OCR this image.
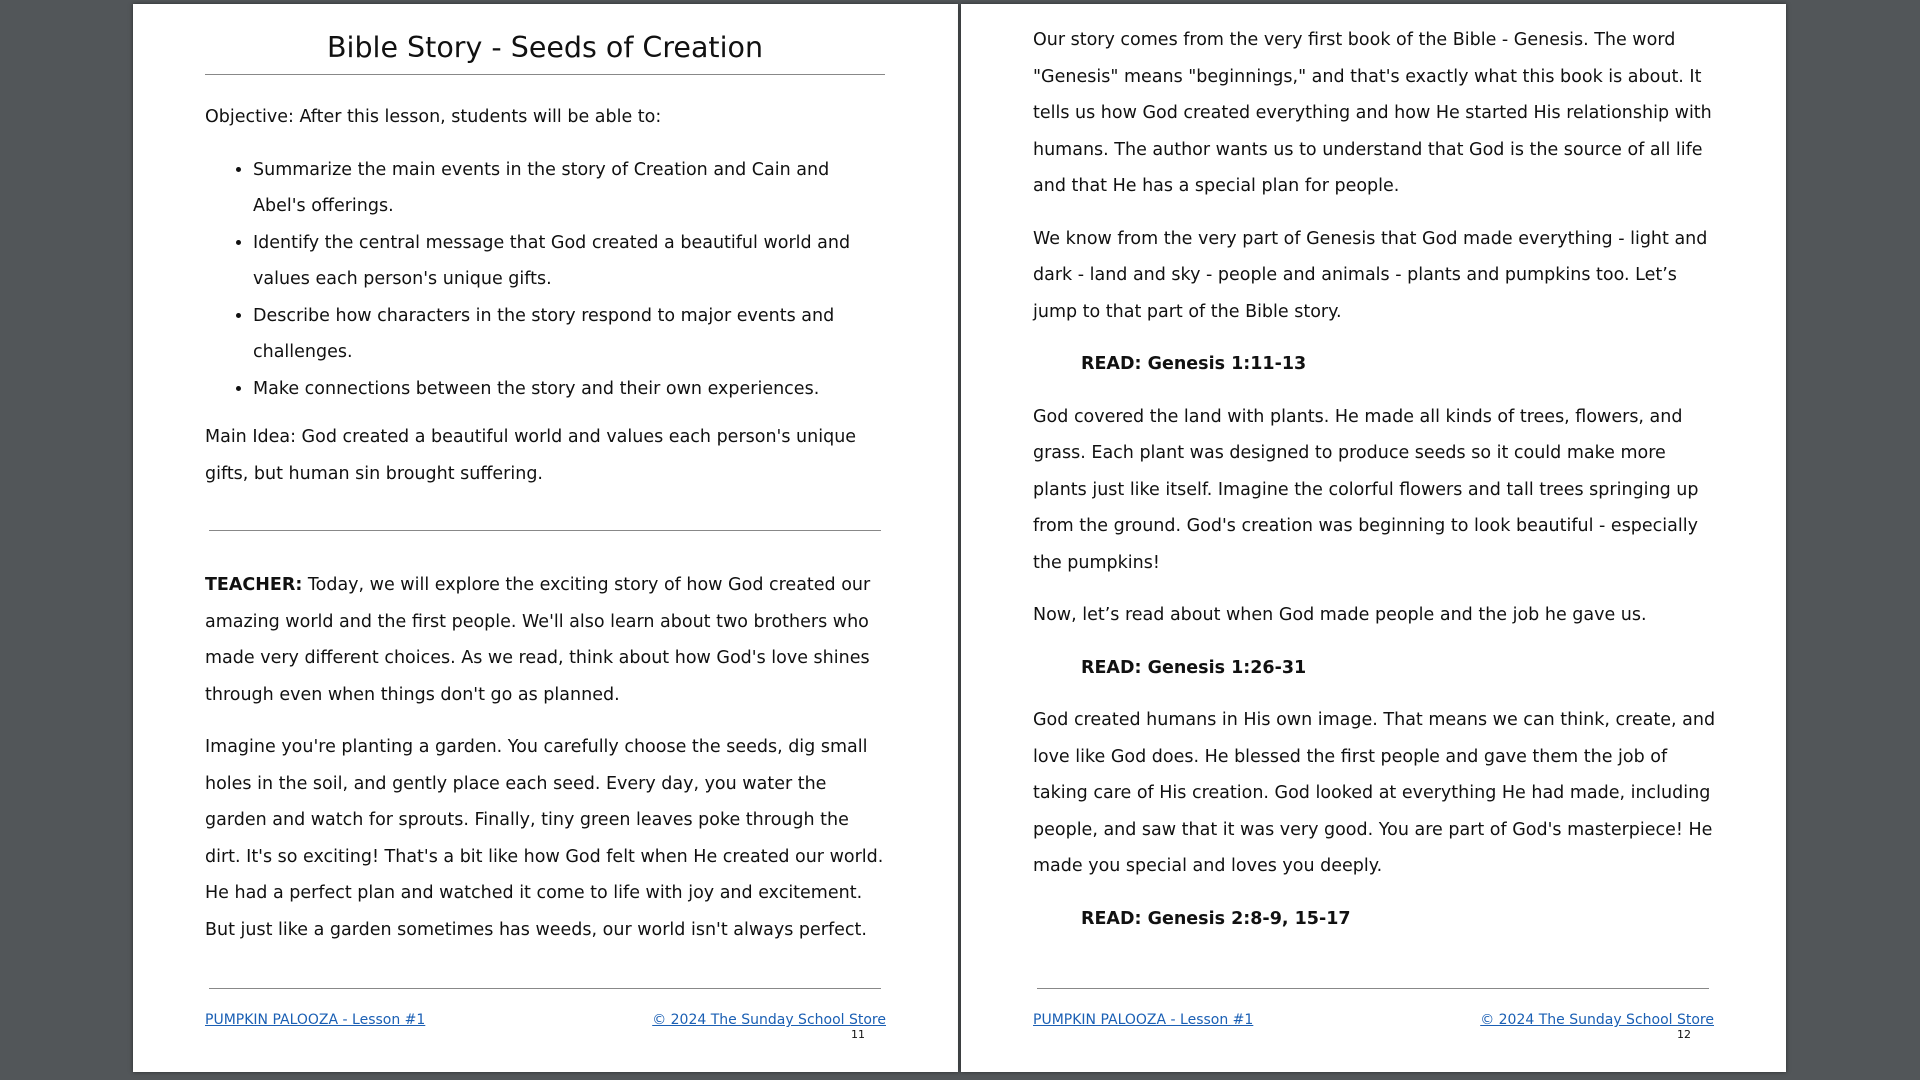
Bible Story - Seeds of Creation

Objective: After this lesson, students will be able to:

• Summarize the main events in the story of Creation and Cain and Abel's offerings.
• Identify the central message that God created a beautiful world and values each person's unique gifts.
• Describe how characters in the story respond to major events and challenges.
• Make connections between the story and their own experiences.

Main Idea: God created a beautiful world and values each person's unique gifts, but human sin brought suffering.

TEACHER: Today, we will explore the exciting story of how God created our amazing world and the first people. We'll also learn about two brothers who made very different choices. As we read, think about how God's love shines through even when things don't go as planned.

Imagine you're planting a garden. You carefully choose the seeds, dig small holes in the soil, and gently place each seed. Every day, you water the garden and watch for sprouts. Finally, tiny green leaves poke through the dirt. It's so exciting! That's a bit like how God felt when He created our world. He had a perfect plan and watched it come to life with joy and excitement. But just like a garden sometimes has weeds, our world isn't always perfect.

PUMPKIN PALOOZA - Lesson #1	© 2024 The Sunday School Store
11

Our story comes from the very first book of the Bible - Genesis. The word "Genesis" means "beginnings," and that's exactly what this book is about. It tells us how God created everything and how He started His relationship with humans. The author wants us to understand that God is the source of all life and that He has a special plan for people.

We know from the very part of Genesis that God made everything - light and dark - land and sky - people and animals - plants and pumpkins too. Let’s jump to that part of the Bible story.

READ: Genesis 1:11-13

God covered the land with plants. He made all kinds of trees, flowers, and grass. Each plant was designed to produce seeds so it could make more plants just like itself. Imagine the colorful flowers and tall trees springing up from the ground. God's creation was beginning to look beautiful - especially the pumpkins!

Now, let’s read about when God made people and the job he gave us.

READ: Genesis 1:26-31

God created humans in His own image. That means we can think, create, and love like God does. He blessed the first people and gave them the job of taking care of His creation. God looked at everything He had made, including people, and saw that it was very good. You are part of God's masterpiece! He made you special and loves you deeply.

READ: Genesis 2:8-9, 15-17

PUMPKIN PALOOZA - Lesson #1	© 2024 The Sunday School Store
12
